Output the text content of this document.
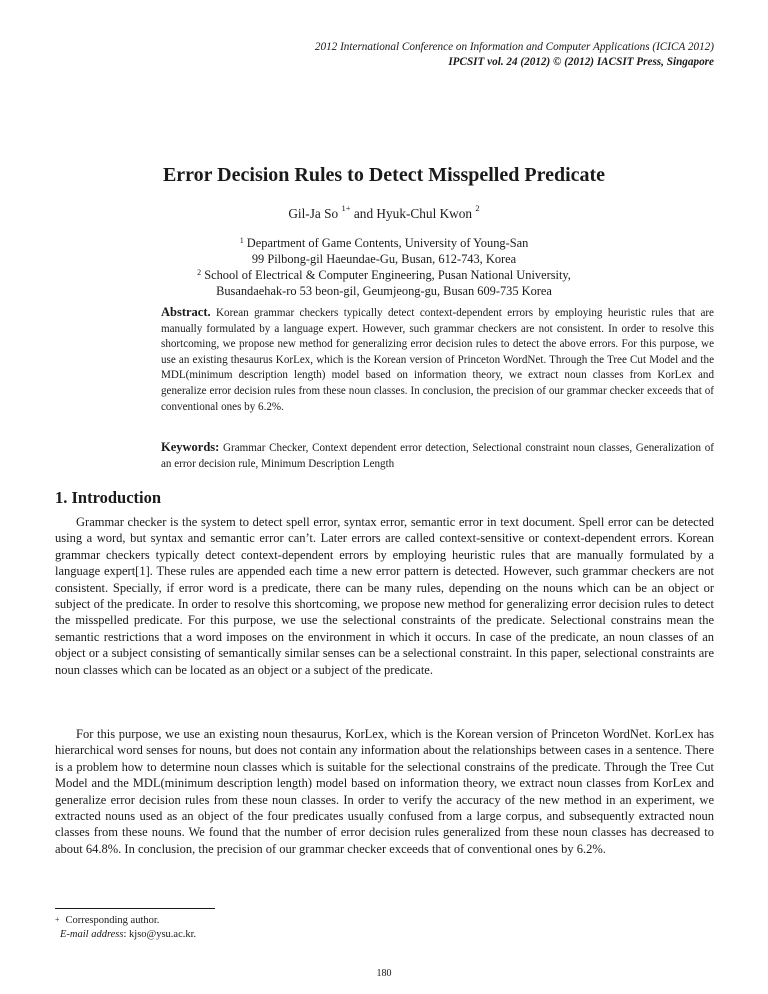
2012 International Conference on Information and Computer Applications (ICICA 2012)
IPCSIT vol. 24 (2012) © (2012) IACSIT Press, Singapore
Error Decision Rules to Detect Misspelled Predicate
Gil-Ja So $^{1+}$ and Hyuk-Chul Kwon $^2$
$^1$ Department of Game Contents, University of Young-San
99 Pilbong-gil Haeundae-Gu, Busan, 612-743, Korea
$^2$ School of Electrical & Computer Engineering, Pusan National University,
Busandaehak-ro 53 beon-gil, Geumjeong-gu, Busan 609-735 Korea
Abstract. Korean grammar checkers typically detect context-dependent errors by employing heuristic rules that are manually formulated by a language expert. However, such grammar checkers are not consistent. In order to resolve this shortcoming, we propose new method for generalizing error decision rules to detect the above errors. For this purpose, we use an existing thesaurus KorLex, which is the Korean version of Princeton WordNet. Through the Tree Cut Model and the MDL(minimum description length) model based on information theory, we extract noun classes from KorLex and generalize error decision rules from these noun classes. In conclusion, the precision of our grammar checker exceeds that of conventional ones by 6.2%.
Keywords: Grammar Checker, Context dependent error detection, Selectional constraint noun classes, Generalization of an error decision rule, Minimum Description Length
1. Introduction

Grammar checker is the system to detect spell error, syntax error, semantic error in text document. Spell error can be detected using a word, but syntax and semantic error can’t. Later errors are called context-sensitive or context-dependent errors. Korean grammar checkers typically detect context-dependent errors by employing heuristic rules that are manually formulated by a language expert[1]. These rules are appended each time a new error pattern is detected. However, such grammar checkers are not consistent. Specially, if error word is a predicate, there can be many rules, depending on the nouns which can be an object or subject of the predicate. In order to resolve this shortcoming, we propose new method for generalizing error decision rules to detect the misspelled predicate. For this purpose, we use the selectional constraints of the predicate. Selectional constrains mean the semantic restrictions that a word imposes on the environment in which it occurs. In case of the predicate, an noun classes of an object or a subject consisting of semantically similar senses can be a selectional constraint. In this paper, selectional constraints are noun classes which can be located as an object or a subject of the predicate.

For this purpose, we use an existing noun thesaurus, KorLex, which is the Korean version of Princeton WordNet. KorLex has hierarchical word senses for nouns, but does not contain any information about the relationships between cases in a sentence. There is a problem how to determine noun classes which is suitable for the selectional constrains of the predicate. Through the Tree Cut Model and the MDL(minimum description length) model based on information theory, we extract noun classes from KorLex and generalize error decision rules from these noun classes. In order to verify the accuracy of the new method in an experiment, we extracted nouns used as an object of the four predicates usually confused from a large corpus, and subsequently extracted noun classes from these nouns. We found that the number of error decision rules generalized from these noun classes has decreased to about 64.8%. In conclusion, the precision of our grammar checker exceeds that of conventional ones by 6.2%.

+ Corresponding author.
E-mail address: kjso@ysu.ac.kr.
180
